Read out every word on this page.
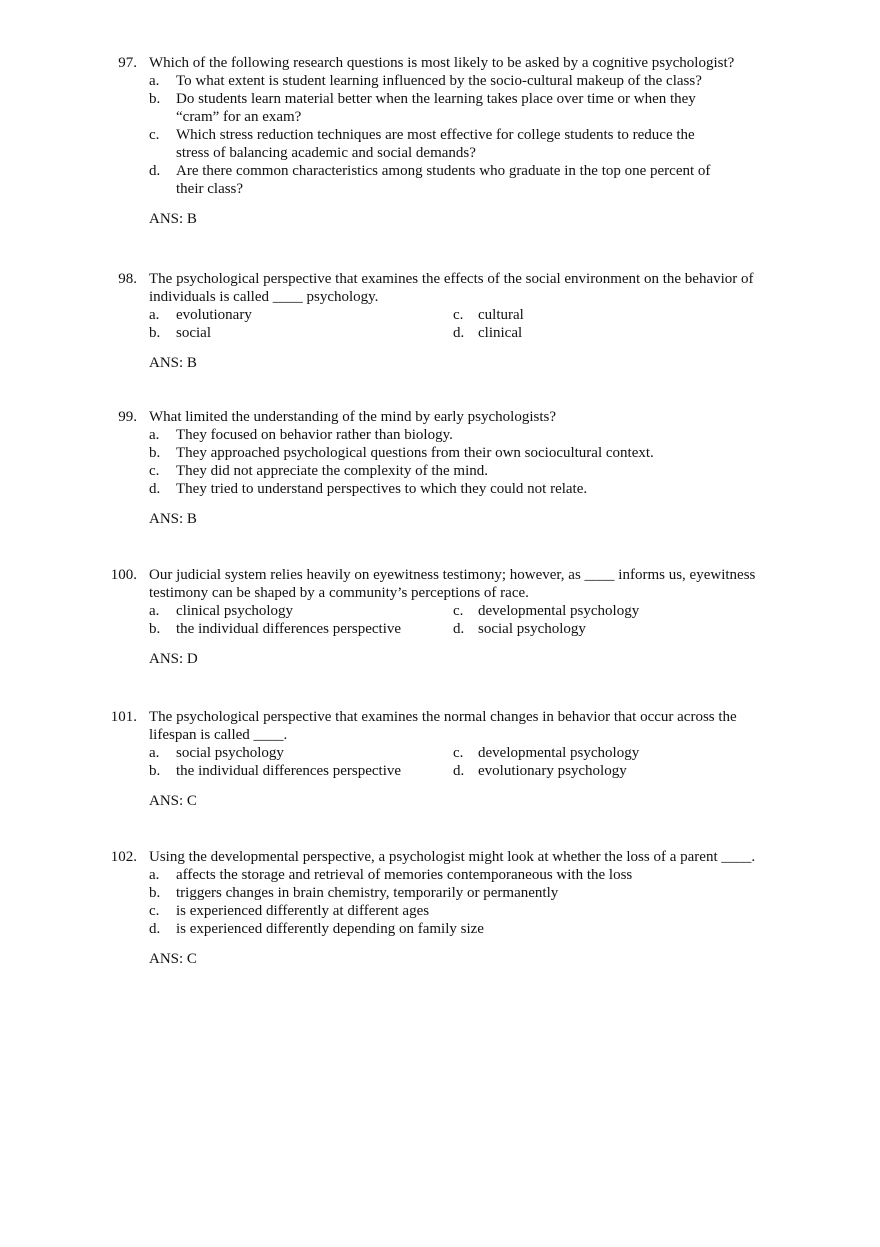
97. Which of the following research questions is most likely to be asked by a cognitive psychologist?
a. To what extent is student learning influenced by the socio-cultural makeup of the class?
b. Do students learn material better when the learning takes place over time or when they
“cram” for an exam?
c. Which stress reduction techniques are most effective for college students to reduce the
stress of balancing academic and social demands?
d. Are there common characteristics among students who graduate in the top one percent of
their class?
ANS: B
98. The psychological perspective that examines the effects of the social environment on the behavior of
individuals is called ____ psychology.
a. evolutionary	c. cultural
b. social	d. clinical
ANS: B
99. What limited the understanding of the mind by early psychologists?
a. They focused on behavior rather than biology.
b. They approached psychological questions from their own sociocultural context.
c. They did not appreciate the complexity of the mind.
d. They tried to understand perspectives to which they could not relate.
ANS: B
100. Our judicial system relies heavily on eyewitness testimony; however, as ____ informs us, eyewitness
testimony can be shaped by a community’s perceptions of race.
a. clinical psychology	c. developmental psychology
b. the individual differences perspective	d. social psychology
ANS: D
101. The psychological perspective that examines the normal changes in behavior that occur across the
lifespan is called ____.
a. social psychology	c. developmental psychology
b. the individual differences perspective	d. evolutionary psychology
ANS: C
102. Using the developmental perspective, a psychologist might look at whether the loss of a parent ____.
a. affects the storage and retrieval of memories contemporaneous with the loss
b. triggers changes in brain chemistry, temporarily or permanently
c. is experienced differently at different ages
d. is experienced differently depending on family size
ANS: C
